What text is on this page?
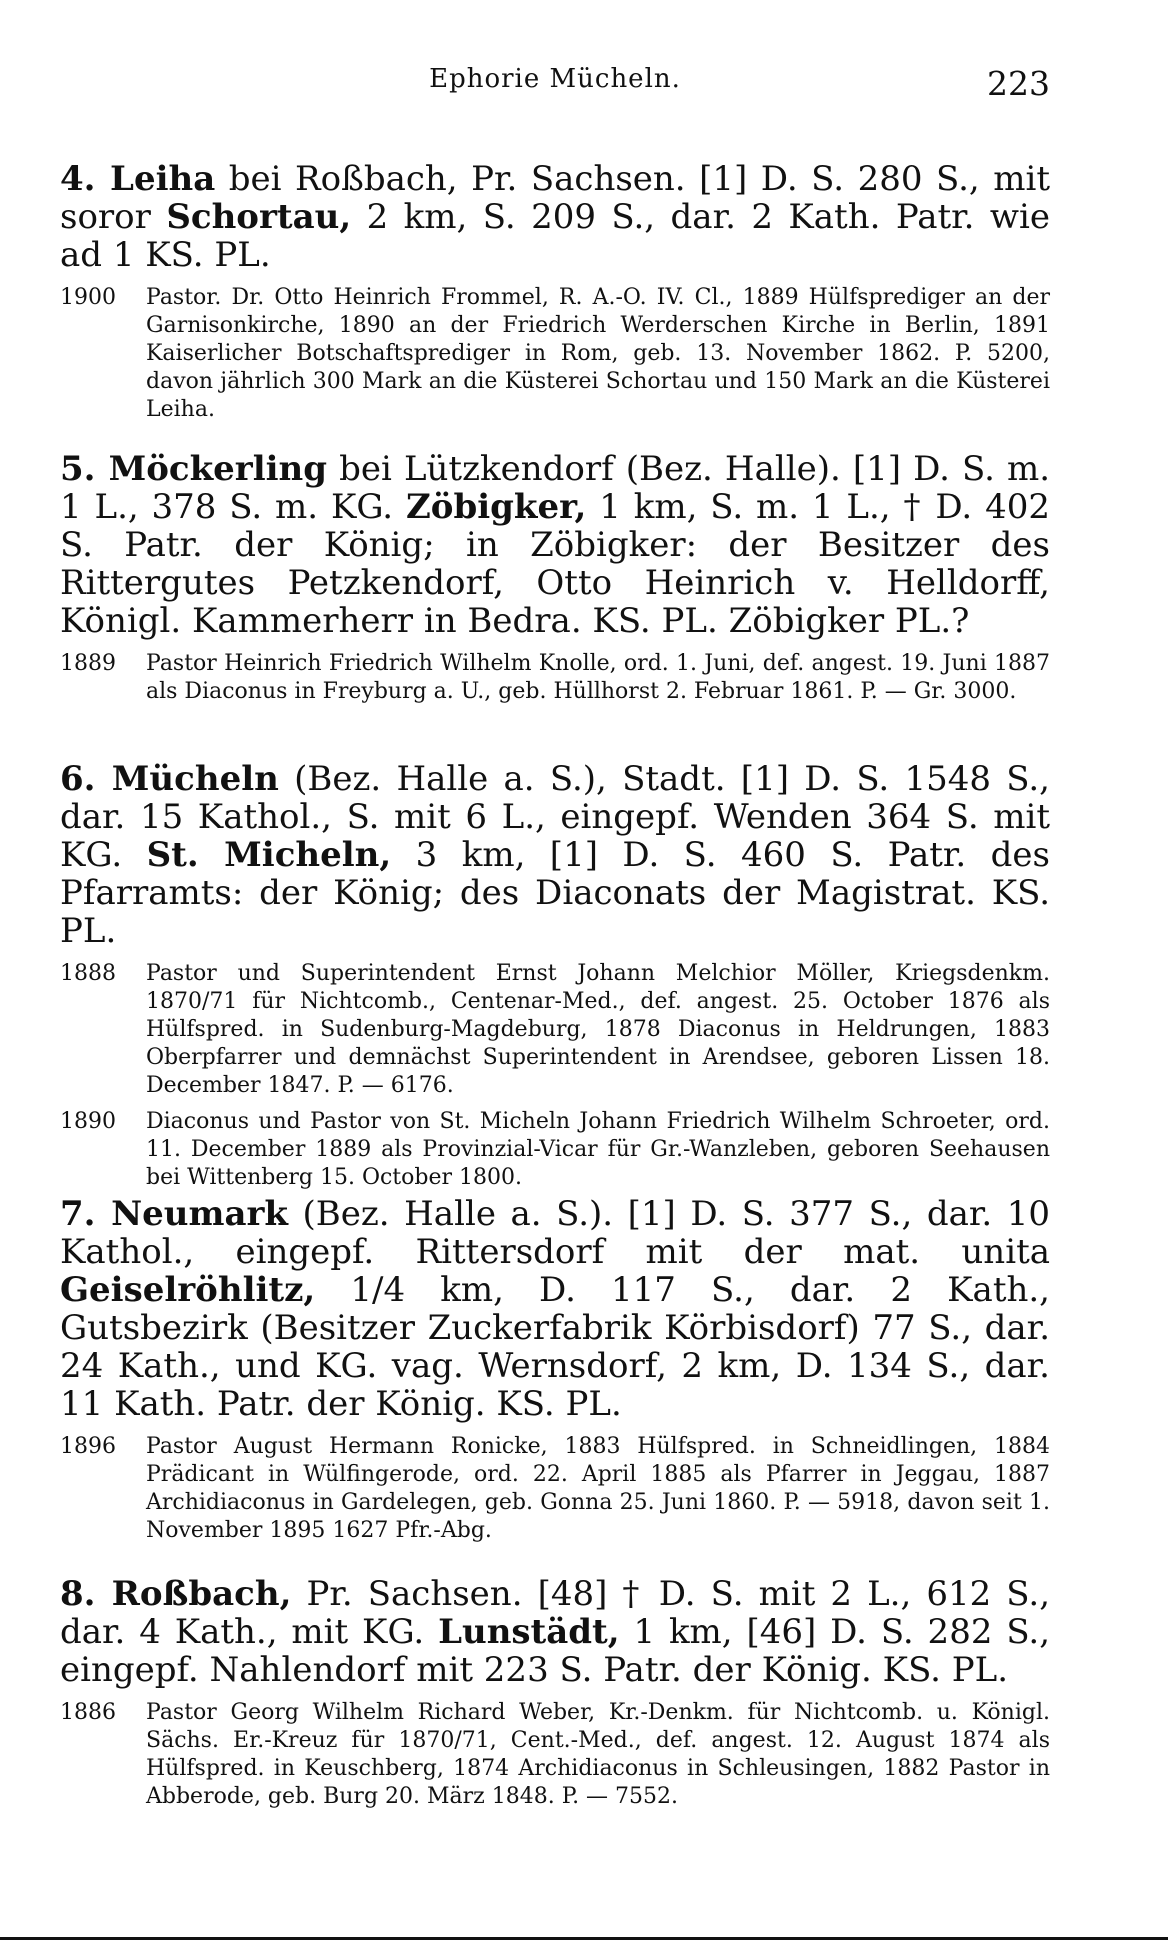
Ephorie Mücheln.	223

4. Leiha bei Roßbach, Pr. Sachsen. [1] D. S. 280 S., mit soror Schortau, 2 km, S. 209 S., dar. 2 Kath. Patr. wie ad 1 KS. PL.

1900	Pastor. Dr. Otto Heinrich Frommel, R. A.-O. IV. Cl., 1889 Hülfsprediger an der Garnisonkirche, 1890 an der Friedrich Werderschen Kirche in Berlin, 1891 Kaiserlicher Botschaftsprediger in Rom, geb. 13. November 1862. P. 5200, davon jährlich 300 Mark an die Küsterei Schortau und 150 Mark an die Küsterei Leiha.

5. Möckerling bei Lützkendorf (Bez. Halle). [1] D. S. m. 1 L., 378 S. m. KG. Zöbigker, 1 km, S. m. 1 L., † D. 402 S. Patr. der König; in Zöbigker: der Besitzer des Rittergutes Petzkendorf, Otto Heinrich v. Helldorff, Königl. Kammerherr in Bedra. KS. PL. Zöbigker PL.?

1889	Pastor Heinrich Friedrich Wilhelm Knolle, ord. 1. Juni, def. angest. 19. Juni 1887 als Diaconus in Freyburg a. U., geb. Hüllhorst 2. Februar 1861. P. — Gr. 3000.

6. Mücheln (Bez. Halle a. S.), Stadt. [1] D. S. 1548 S., dar. 15 Kathol., S. mit 6 L., eingepf. Wenden 364 S. mit KG. St. Micheln, 3 km, [1] D. S. 460 S. Patr. des Pfarramts: der König; des Diaconats der Magistrat. KS. PL.

1888	Pastor und Superintendent Ernst Johann Melchior Möller, Kriegsdenkm. 1870/71 für Nichtcomb., Centenar-Med., def. angest. 25. October 1876 als Hülfspred. in Sudenburg-Magdeburg, 1878 Diaconus in Heldrungen, 1883 Oberpfarrer und demnächst Superintendent in Arendsee, geboren Lissen 18. December 1847. P. — 6176.
1890	Diaconus und Pastor von St. Micheln Johann Friedrich Wilhelm Schroeter, ord. 11. December 1889 als Provinzial-Vicar für Gr.-Wanzleben, geboren Seehausen bei Wittenberg 15. October 1800.

7. Neumark (Bez. Halle a. S.). [1] D. S. 377 S., dar. 10 Kathol., eingepf. Rittersdorf mit der mat. unita Geiselröhlitz, 1/4 km, D. 117 S., dar. 2 Kath., Gutsbezirk (Besitzer Zuckerfabrik Körbisdorf) 77 S., dar. 24 Kath., und KG. vag. Wernsdorf, 2 km, D. 134 S., dar. 11 Kath. Patr. der König. KS. PL.

1896	Pastor August Hermann Ronicke, 1883 Hülfspred. in Schneidlingen, 1884 Prädicant in Wülfingerode, ord. 22. April 1885 als Pfarrer in Jeggau, 1887 Archidiaconus in Gardelegen, geb. Gonna 25. Juni 1860. P. — 5918, davon seit 1. November 1895 1627 Pfr.-Abg.

8. Roßbach, Pr. Sachsen. [48] † D. S. mit 2 L., 612 S., dar. 4 Kath., mit KG. Lunstädt, 1 km, [46] D. S. 282 S., eingepf. Nahlendorf mit 223 S. Patr. der König. KS. PL.

1886	Pastor Georg Wilhelm Richard Weber, Kr.-Denkm. für Nichtcomb. u. Königl. Sächs. Er.-Kreuz für 1870/71, Cent.-Med., def. angest. 12. August 1874 als Hülfspred. in Keuschberg, 1874 Archidiaconus in Schleusingen, 1882 Pastor in Abberode, geb. Burg 20. März 1848. P. — 7552.
